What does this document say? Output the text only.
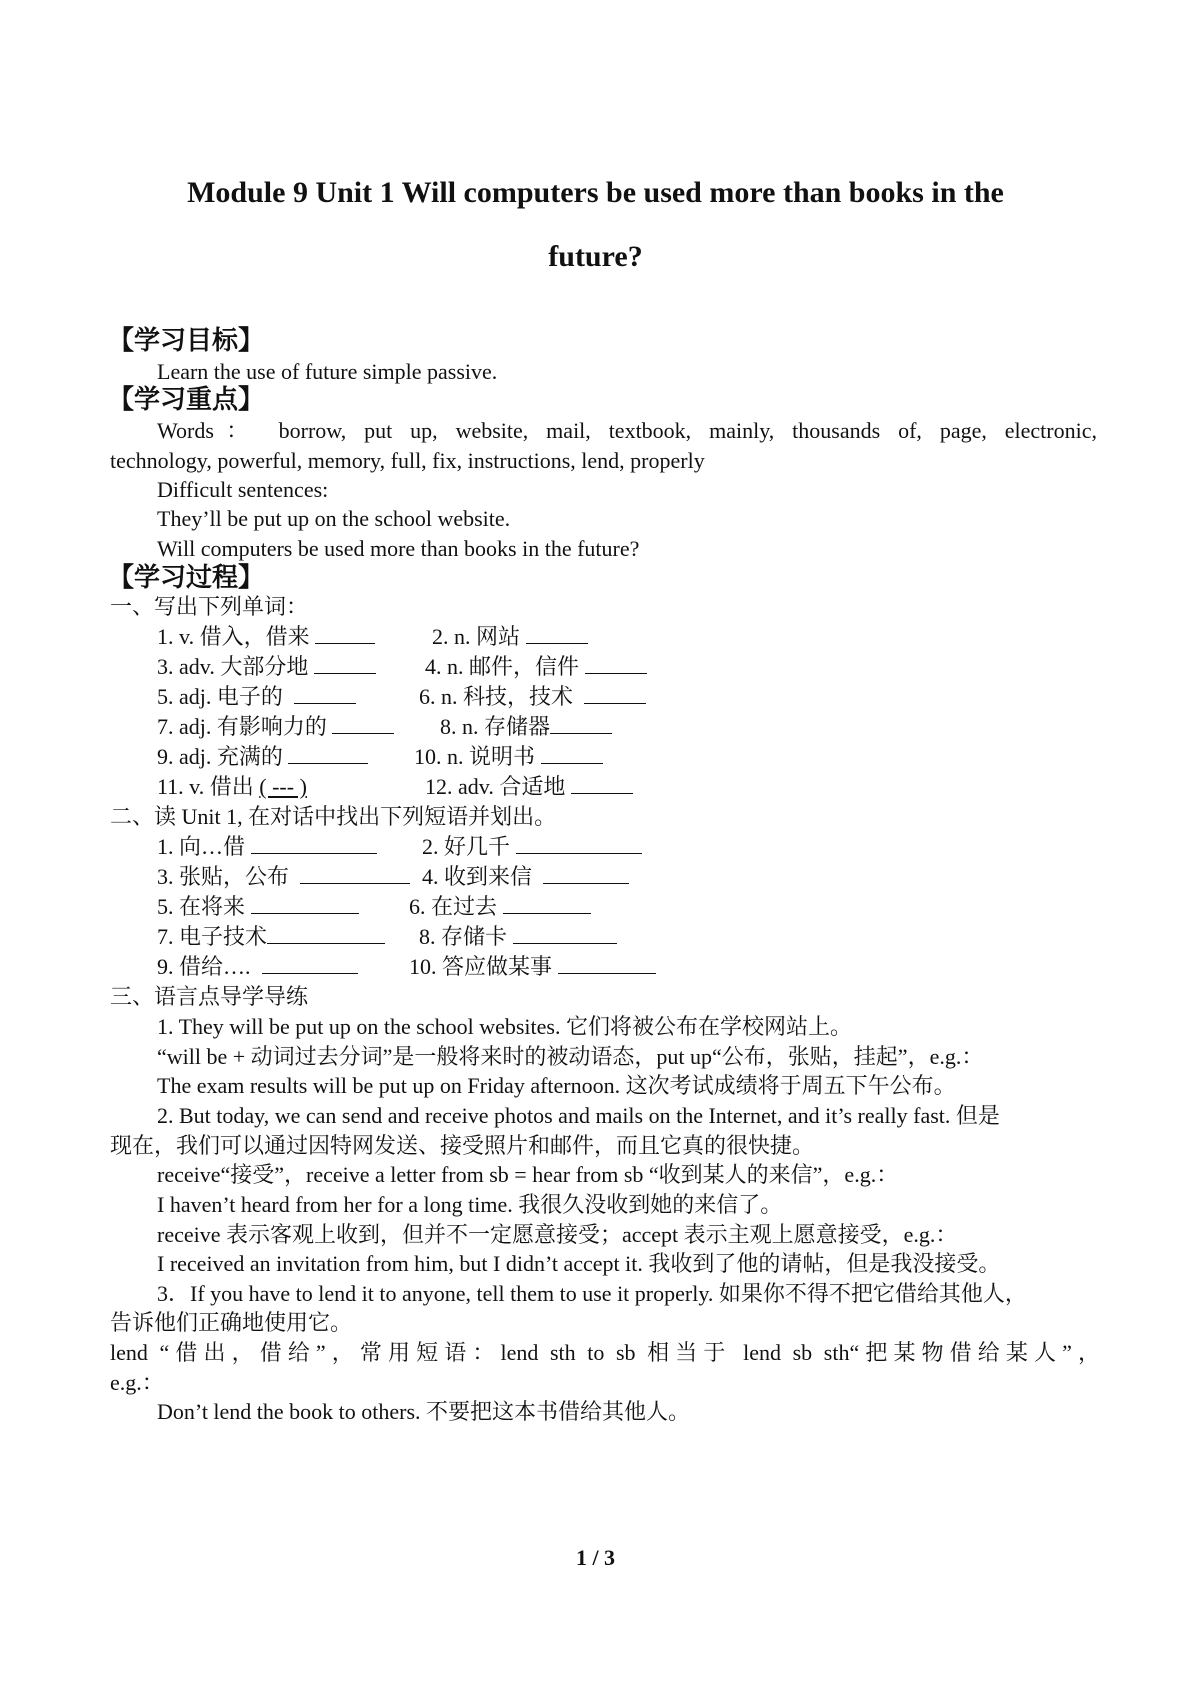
Module 9 Unit 1 Will computers be used more than books in the
future?
【学习目标】
Learn the use of future simple passive.
【学习重点】
Words： borrow, put up, website, mail, textbook, mainly, thousands of, page, electronic,
technology, powerful, memory, full, fix, instructions, lend, properly
Difficult sentences:
They’ll be put up on the school website.
Will computers be used more than books in the future?
【学习过程】
一、写出下列单词：
1. v. 借入，借来	2. n. 网站
3. adv. 大部分地	4. n. 邮件，信件
5. adj. 电子的	6. n. 科技，技术
7. adj. 有影响力的	8. n. 存储器
9. adj. 充满的	10. n. 说明书
11. v. 借出 ( --- )	12. adv. 合适地
二、读 Unit 1, 在对话中找出下列短语并划出。
1. 向…借	2. 好几千
3. 张贴，公布	4. 收到来信
5. 在将来	6. 在过去
7. 电子技术	8. 存储卡
9. 借给….	10. 答应做某事
三、语言点导学导练
1. They will be put up on the school websites. 它们将被公布在学校网站上。
“will be + 动词过去分词”是一般将来时的被动语态，put up“公布，张贴，挂起”，e.g.：
The exam results will be put up on Friday afternoon. 这次考试成绩将于周五下午公布。
2. But today, we can send and receive photos and mails on the Internet, and it’s really fast. 但是
现在，我们可以通过因特网发送、接受照片和邮件，而且它真的很快捷。
receive“接受”，receive a letter from sb = hear from sb “收到某人的来信”，e.g.：
I haven’t heard from her for a long time. 我很久没收到她的来信了。
receive 表示客观上收到，但并不一定愿意接受；accept 表示主观上愿意接受，e.g.：
I received an invitation from him, but I didn’t accept it. 我收到了他的请帖，但是我没接受。
3．If you have to lend it to anyone, tell them to use it properly. 如果你不得不把它借给其他人，
告诉他们正确地使用它。
lend “借出，借给”，常用短语：lend sth to sb 相当于 lend sb sth“把某物借给某人”，
e.g.：
Don’t lend the book to others. 不要把这本书借给其他人。
1 / 3
